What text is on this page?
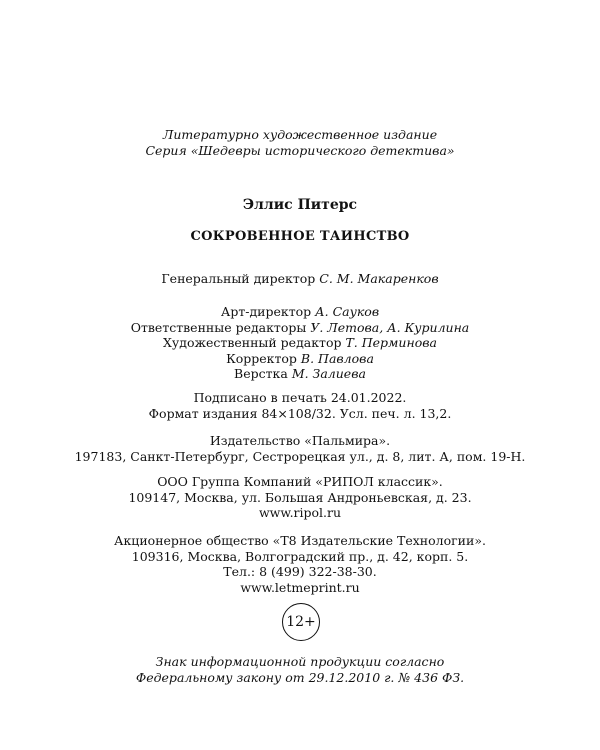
Литературно художественное издание

Серия «Шедевры исторического детектива»

Эллис Питерс
СОКРОВЕННОЕ ТАИНСТВО

Генеральный директор С. М. Макаренков

Арт-директор А. Сауков

Ответственные редакторы У. Летова, А. Курилина

Художественный редактор Т. Перминова

Корректор В. Павлова

Верстка М. Залиева

Подписано в печать 24.01.2022.

Формат издания 84×108/32. Усл. печ. л. 13,2.

Издательство «Пальмира».

197183, Санкт-Петербург, Сестрорецкая ул., д. 8, лит. А, пом. 19-Н.

ООО Группа Компаний «РИПОЛ классик».

109147, Москва, ул. Большая Андроньевская, д. 23.

www.ripol.ru

Акционерное общество «Т8 Издательские Технологии».

109316, Москва, Волгоградский пр., д. 42, корп. 5.

Тел.: 8 (499) 322-38-30.

www.letmeprint.ru

12+

Знак информационной продукции согласно

Федеральному закону от 29.12.2010 г. № 436 ФЗ.
